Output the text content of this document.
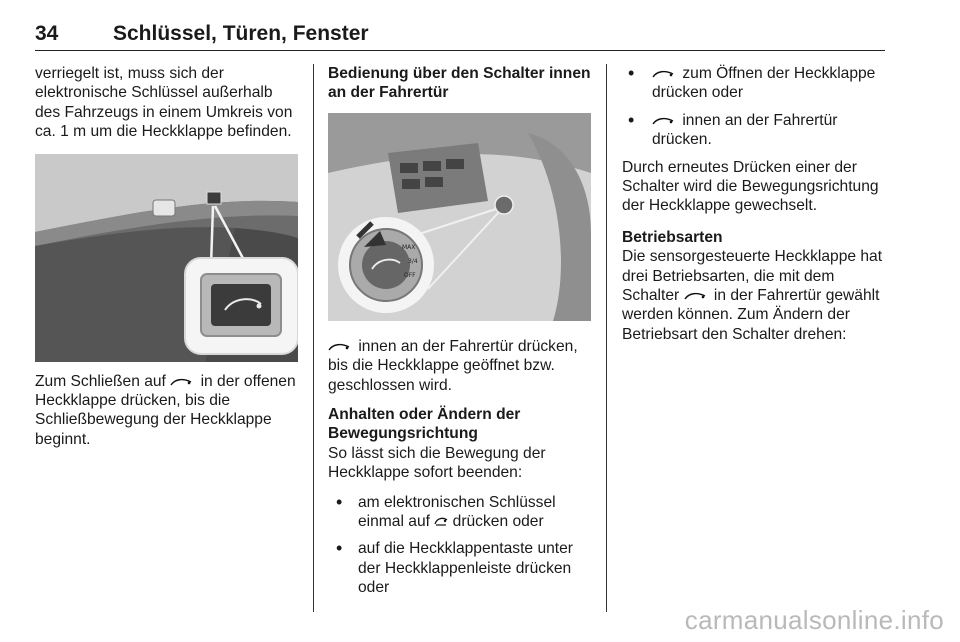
34	Schlüssel, Türen, Fenster

verriegelt ist, muss sich der elektronische Schlüssel außerhalb des Fahrzeugs in einem Umkreis von ca. 1 m um die Heckklappe befinden.

Zum Schließen auf in der offenen Heckklappe drücken, bis die Schließbewegung der Heckklappe beginnt.

Bedienung über den Schalter innen an der Fahrertür

MAX
3/4
OFF

innen an der Fahrertür drücken, bis die Heckklappe geöffnet bzw. geschlossen wird.

Anhalten oder Ändern der Bewegungsrichtung

So lässt sich die Bewegung der Heckklappe sofort beenden:

• am elektronischen Schlüssel einmal auf drücken oder
• auf die Heckklappentaste unter der Heckklappenleiste drücken oder
• zum Öffnen der Heckklappe drücken oder
• innen an der Fahrertür drücken.

Durch erneutes Drücken einer der Schalter wird die Bewegungsrichtung der Heckklappe gewechselt.

Betriebsarten

Die sensorgesteuerte Heckklappe hat drei Betriebsarten, die mit dem Schalter in der Fahrertür gewählt werden können. Zum Ändern der Betriebsart den Schalter drehen:

carmanualsonline.info
